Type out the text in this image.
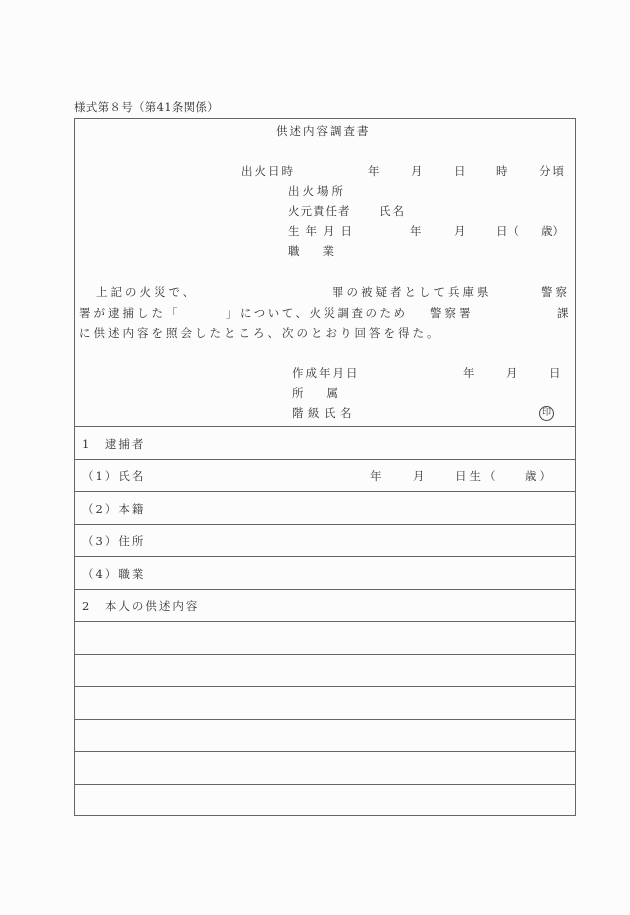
様式第８号（第41条関係）
供述内容調査書
出火日時	年	月	日	時	分頃
出火場所
火元責任者 氏名
生年月日	年	月	日（ 歳）
職　　業
上記の火災で、	罪の被疑者として兵庫県	警察
署が逮捕した「	」について、火災調査のため 警察署	課
に供述内容を照会したところ、次のとおり回答を得た。
作成年月日	年	月	日
所　　属
階級氏名	印
1　逮捕者
（1）氏名	年	月	日生（ 歳）
（2）本籍
（3）住所
（4）職業
2　本人の供述内容
